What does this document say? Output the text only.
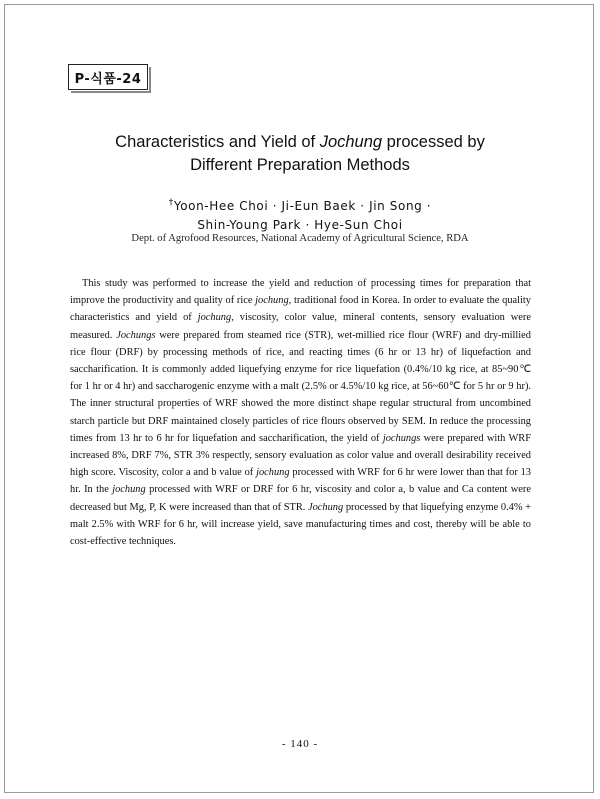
P-식품-24
Characteristics and Yield of Jochung processed by
Different Preparation Methods
†Yoon-Hee Choi · Ji-Eun Baek · Jin Song ·
Shin-Young Park · Hye-Sun Choi
Dept. of Agrofood Resources, National Academy of Agricultural Science, RDA

This study was performed to increase the yield and reduction of processing times for preparation that improve the productivity and quality of rice jochung, traditional food in Korea. In order to evaluate the quality characteristics and yield of jochung, viscosity, color value, mineral contents, sensory evaluation were measured. Jochungs were prepared from steamed rice (STR), wet-millied rice flour (WRF) and dry-millied rice flour (DRF) by processing methods of rice, and reacting times (6 hr or 13 hr) of liquefaction and saccharification. It is commonly added liquefying enzyme for rice liquefation (0.4%/10 kg rice, at 85~90℃ for 1 hr or 4 hr) and saccharogenic enzyme with a malt (2.5% or 4.5%/10 kg rice, at 56~60℃ for 5 hr or 9 hr). The inner structural properties of WRF showed the more distinct shape regular structural from uncombined starch particle but DRF maintained closely particles of rice flours observed by SEM. In reduce the processing times from 13 hr to 6 hr for liquefation and saccharification, the yield of jochungs were prepared with WRF increased 8%, DRF 7%, STR 3% respectly, sensory evaluation as color value and overall desirability received high score. Viscosity, color a and b value of jochung processed with WRF for 6 hr were lower than that for 13 hr. In the jochung processed with WRF or DRF for 6 hr, viscosity and color a, b value and Ca content were decreased but Mg, P, K were increased than that of STR. Jochung processed by that liquefying enzyme 0.4% + malt 2.5% with WRF for 6 hr, will increase yield, save manufacturing times and cost, thereby will be able to cost-effective techniques.

- 140 -
